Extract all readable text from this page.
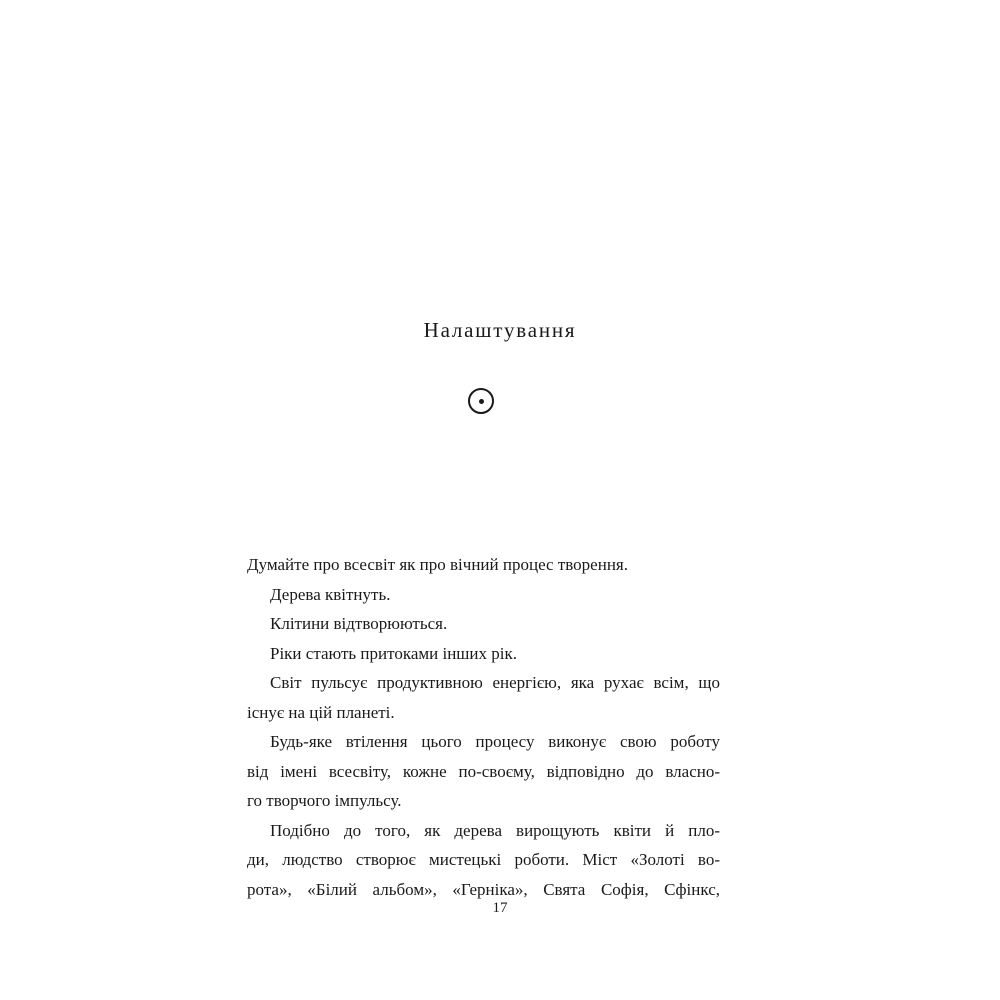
Налаштування

Думайте про всесвіт як про вічний процес творення.

Дерева квітнуть.

Клітини відтворюються.

Ріки стають притоками інших рік.

Світ пульсує продуктивною енергією, яка рухає всім, що
існує на цій планеті.

Будь-яке втілення цього процесу виконує свою роботу
від імені всесвіту, кожне по-своєму, відповідно до власно-
го творчого імпульсу.

Подібно до того, як дерева вирощують квіти й пло-
ди, людство створює мистецькі роботи. Міст «Золоті во-
рота», «Білий альбом», «Герніка», Свята Софія, Сфінкс,

17
